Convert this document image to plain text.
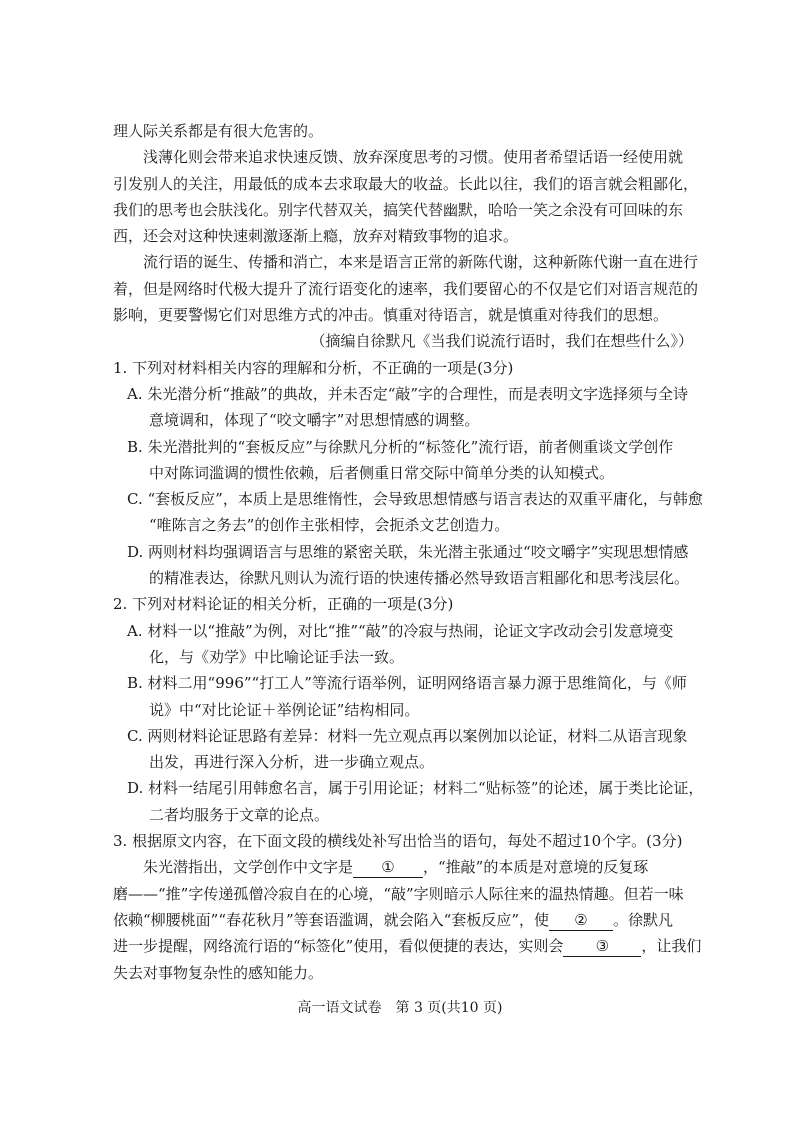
理人际关系都是有很大危害的。
浅薄化则会带来追求快速反馈、放弃深度思考的习惯。使用者希望话语一经使用就
引发别人的关注，用最低的成本去求取最大的收益。长此以往，我们的语言就会粗鄙化，
我们的思考也会肤浅化。别字代替双关，搞笑代替幽默，哈哈一笑之余没有可回味的东
西，还会对这种快速刺激逐渐上瘾，放弃对精致事物的追求。
流行语的诞生、传播和消亡，本来是语言正常的新陈代谢，这种新陈代谢一直在进行
着，但是网络时代极大提升了流行语变化的速率，我们要留心的不仅是它们对语言规范的
影响，更要警惕它们对思维方式的冲击。慎重对待语言，就是慎重对待我们的思想。
（摘编自徐默凡《当我们说流行语时，我们在想些什么》）
1. 下列对材料相关内容的理解和分析，不正确的一项是(3分)
A. 朱光潜分析“推敲”的典故，并未否定“敲”字的合理性，而是表明文字选择须与全诗
意境调和，体现了“咬文嚼字”对思想情感的调整。
B. 朱光潜批判的“套板反应”与徐默凡分析的“标签化”流行语，前者侧重谈文学创作
中对陈词滥调的惯性依赖，后者侧重日常交际中简单分类的认知模式。
C. “套板反应”，本质上是思维惰性，会导致思想情感与语言表达的双重平庸化，与韩愈
“唯陈言之务去”的创作主张相悖，会扼杀文艺创造力。
D. 两则材料均强调语言与思维的紧密关联，朱光潜主张通过“咬文嚼字”实现思想情感
的精准表达，徐默凡则认为流行语的快速传播必然导致语言粗鄙化和思考浅层化。
2. 下列对材料论证的相关分析，正确的一项是(3分)
A. 材料一以“推敲”为例，对比“推”“敲”的冷寂与热闹，论证文字改动会引发意境变
化，与《劝学》中比喻论证手法一致。
B. 材料二用“996”“打工人”等流行语举例，证明网络语言暴力源于思维简化，与《师
说》中“对比论证＋举例论证”结构相同。
C. 两则材料论证思路有差异：材料一先立观点再以案例加以论证，材料二从语言现象
出发，再进行深入分析，进一步确立观点。
D. 材料一结尾引用韩愈名言，属于引用论证；材料二“贴标签”的论述，属于类比论证，
二者均服务于文章的论点。
3. 根据原文内容，在下面文段的横线处补写出恰当的语句，每处不超过10个字。(3分)
朱光潜指出，文学创作中文字是 ① ，“推敲”的本质是对意境的反复琢
磨——“推”字传递孤僧冷寂自在的心境，“敲”字则暗示人际往来的温热情趣。但若一味
依赖“柳腰桃面”“春花秋月”等套语滥调，就会陷入“套板反应”，使 ② 。徐默凡
进一步提醒，网络流行语的“标签化”使用，看似便捷的表达，实则会 ③ ，让我们
失去对事物复杂性的感知能力。
高一语文试卷　第 3 页(共10 页)
